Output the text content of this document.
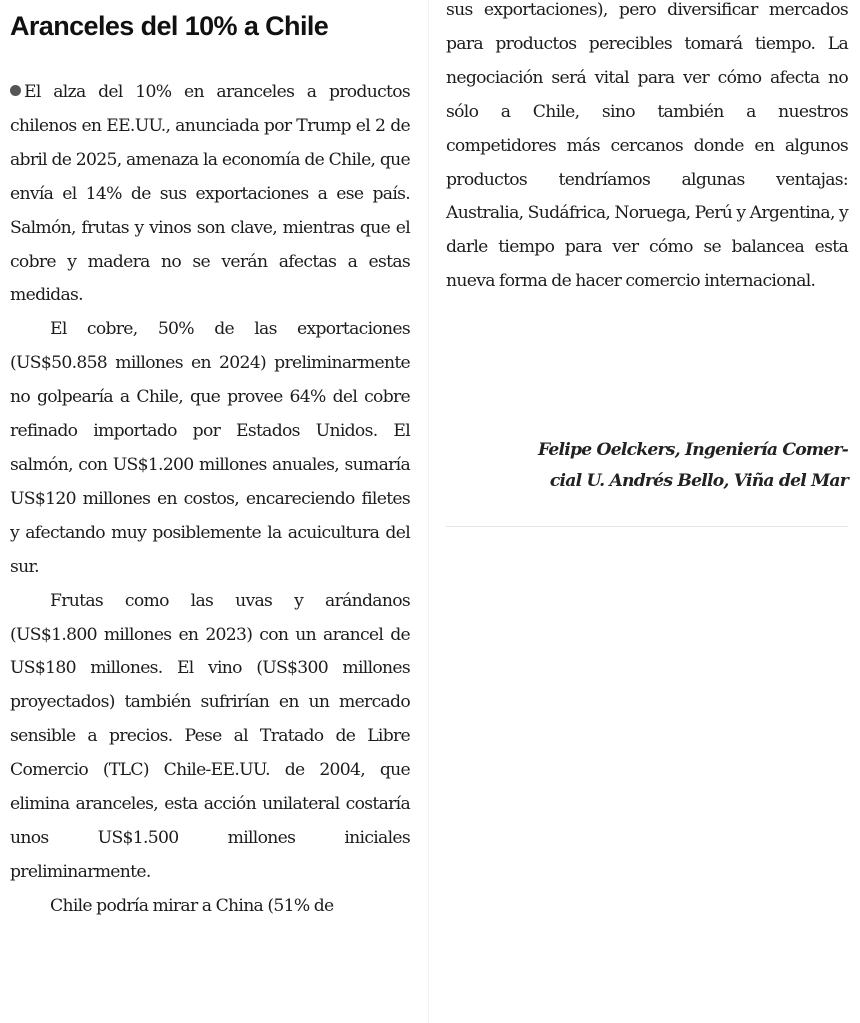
Aranceles del 10% a Chile

El alza del 10% en aranceles a productos chilenos en EE.UU., anunciada por Trump el 2 de abril de 2025, amenaza la economía de Chile, que envía el 14% de sus exportaciones a ese país. Salmón, frutas y vinos son clave, mientras que el cobre y madera no se verán afectas a estas medidas.

El cobre, 50% de las exportaciones (US$50.858 millones en 2024) preliminarmente no golpearía a Chile, que provee 64% del cobre refinado importado por Estados Unidos. El salmón, con US$1.200 millones anuales, sumaría US$120 millones en costos, encareciendo filetes y afectando muy posiblemente la acuicultura del sur.

Frutas como las uvas y arándanos (US$1.800 millones en 2023) con un arancel de US$180 millones. El vino (US$300 millones proyectados) también sufrirían en un mercado sensible a precios. Pese al Tratado de Libre Comercio (TLC) Chile-EE.UU. de 2004, que elimina aranceles, esta acción unilateral costaría unos US$1.500 millones iniciales preliminarmente.

Chile podría mirar a China (51% de

sus exportaciones), pero diversificar mercados para productos perecibles tomará tiempo. La negociación será vital para ver cómo afecta no sólo a Chile, sino también a nuestros competidores más cercanos donde en algunos productos tendríamos algunas ventajas: Australia, Sudáfrica, Noruega, Perú y Argentina, y darle tiempo para ver cómo se balancea esta nueva forma de hacer comercio internacional.

Felipe Oelckers, Ingeniería Comer-
cial U. Andrés Bello, Viña del Mar
